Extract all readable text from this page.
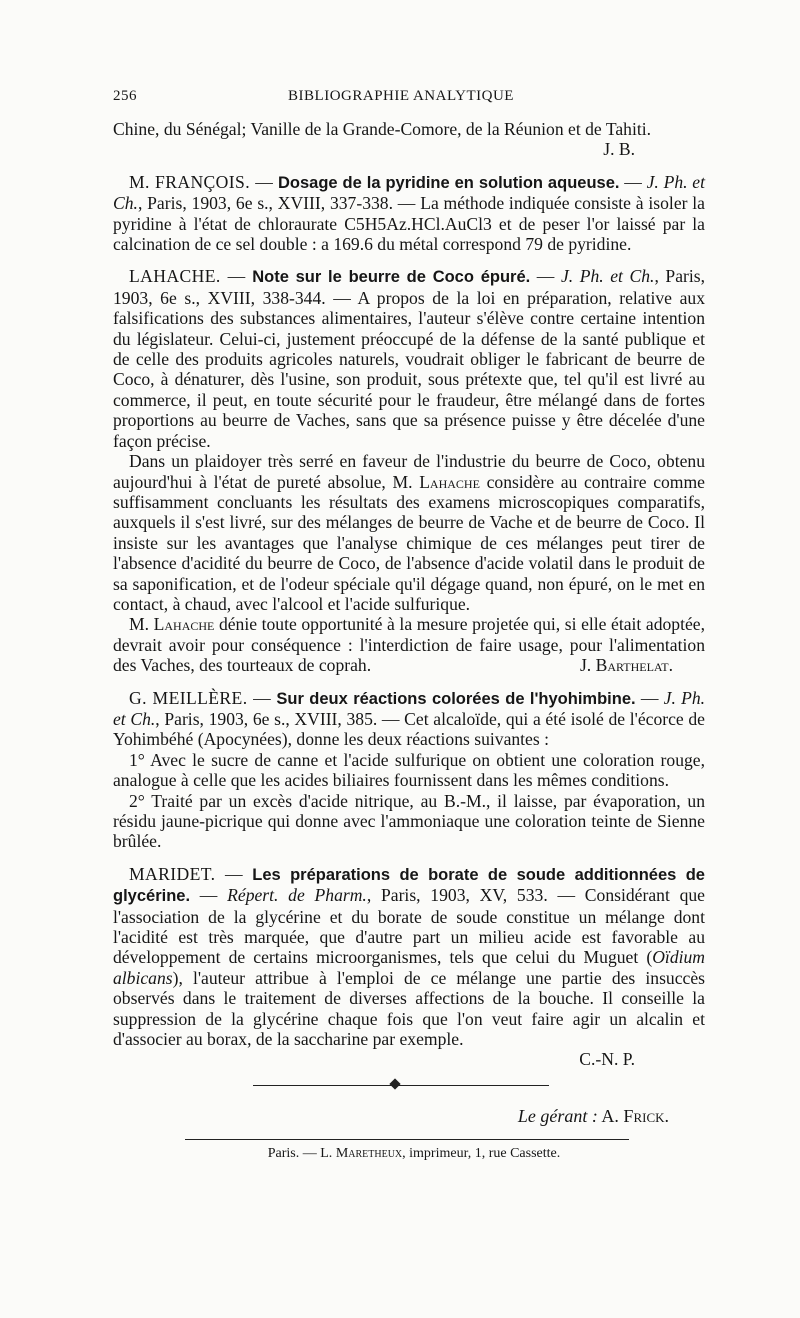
256	BIBLIOGRAPHIE ANALYTIQUE

Chine, du Sénégal; Vanille de la Grande-Comore, de la Réunion et de Tahiti.

J. B.

M. FRANÇOIS. — Dosage de la pyridine en solution aqueuse. — J. Ph. et Ch., Paris, 1903, 6e s., XVIII, 337-338. — La méthode indiquée consiste à isoler la pyridine à l'état de chloraurate C5H5Az.HCl.AuCl3 et de peser l'or laissé par la calcination de ce sel double : a 169.6 du métal correspond 79 de pyridine.

LAHACHE. — Note sur le beurre de Coco épuré. — J. Ph. et Ch., Paris, 1903, 6e s., XVIII, 338-344. — A propos de la loi en préparation, relative aux falsifications des substances alimentaires, l'auteur s'élève contre certaine intention du législateur. Celui-ci, justement préoccupé de la défense de la santé publique et de celle des produits agricoles naturels, voudrait obliger le fabricant de beurre de Coco, à dénaturer, dès l'usine, son produit, sous prétexte que, tel qu'il est livré au commerce, il peut, en toute sécurité pour le fraudeur, être mélangé dans de fortes proportions au beurre de Vaches, sans que sa présence puisse y être décelée d'une façon précise.

Dans un plaidoyer très serré en faveur de l'industrie du beurre de Coco, obtenu aujourd'hui à l'état de pureté absolue, M. Lahache considère au contraire comme suffisamment concluants les résultats des examens microscopiques comparatifs, auxquels il s'est livré, sur des mélanges de beurre de Vache et de beurre de Coco. Il insiste sur les avantages que l'analyse chimique de ces mélanges peut tirer de l'absence d'acidité du beurre de Coco, de l'absence d'acide volatil dans le produit de sa saponification, et de l'odeur spéciale qu'il dégage quand, non épuré, on le met en contact, à chaud, avec l'alcool et l'acide sulfurique.

M. Lahache dénie toute opportunité à la mesure projetée qui, si elle était adoptée, devrait avoir pour conséquence : l'interdiction de faire usage, pour l'alimentation des Vaches, des tourteaux de coprah.	J. Barthelat.

G. MEILLÈRE. — Sur deux réactions colorées de l'hyohimbine. — J. Ph. et Ch., Paris, 1903, 6e s., XVIII, 385. — Cet alcaloïde, qui a été isolé de l'écorce de Yohimbéhé (Apocynées), donne les deux réactions suivantes :

1° Avec le sucre de canne et l'acide sulfurique on obtient une coloration rouge, analogue à celle que les acides biliaires fournissent dans les mêmes conditions.

2° Traité par un excès d'acide nitrique, au B.-M., il laisse, par évaporation, un résidu jaune-picrique qui donne avec l'ammoniaque une coloration teinte de Sienne brûlée.

MARIDET. — Les préparations de borate de soude additionnées de glycérine. — Répert. de Pharm., Paris, 1903, XV, 533. — Considérant que l'association de la glycérine et du borate de soude constitue un mélange dont l'acidité est très marquée, que d'autre part un milieu acide est favorable au développement de certains microorganismes, tels que celui du Muguet (Oïdium albicans), l'auteur attribue à l'emploi de ce mélange une partie des insuccès observés dans le traitement de diverses affections de la bouche. Il conseille la suppression de la glycérine chaque fois que l'on veut faire agir un alcalin et d'associer au borax, de la saccharine par exemple.

C.-N. P.

Le gérant : A. Frick.
Paris. — L. Maretheux, imprimeur, 1, rue Cassette.
